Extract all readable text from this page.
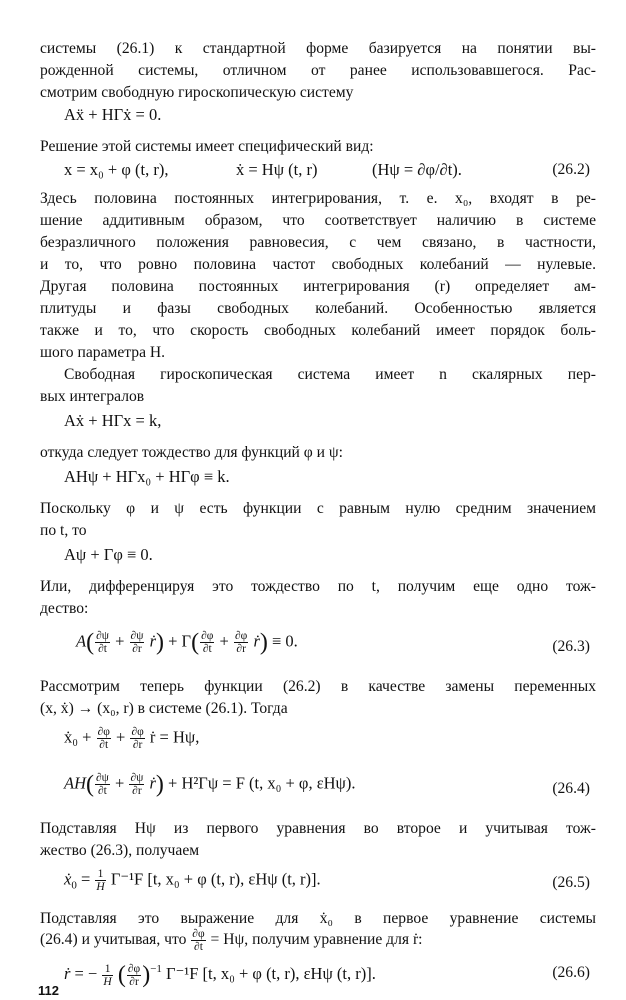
системы (26.1) к стандартной форме базируется на понятии вы-
рожденной системы, отличном от ранее использовавшегося. Рас-
смотрим свободную гироскопическую систему
Aẍ + HΓẋ = 0.
Решение этой системы имеет специфический вид:
x = x₀ + φ (t, r),	ẋ = Hψ (t, r)	(Hψ = ∂φ/∂t).	(26.2)
Здесь половина постоянных интегрирования, т. е. x₀, входят в ре-
шение аддитивным образом, что соответствует наличию в системе
безразличного положения равновесия, с чем связано, в частности,
и то, что ровно половина частот свободных колебаний — нулевые.
Другая половина постоянных интегрирования (r) определяет ам-
плитуды и фазы свободных колебаний. Особенностью является
также и то, что скорость свободных колебаний имеет порядок боль-
шого параметра H.
Свободная гироскопическая система имеет n скалярных пер-
вых интегралов
Aẋ + HΓx = k,
откуда следует тождество для функций φ и ψ:
AHψ + HΓx₀ + HΓφ ≡ k.
Поскольку φ и ψ есть функции с равным нулю средним значением
по t, то
Aψ + Γφ ≡ 0.
Или, дифференцируя это тождество по t, получим еще одно тож-
дество:
$A( \frac{\partial\psi}{\partial t} + \frac{\partial\psi}{\partial r}$ ṙ) + $\Gamma( \frac{\partial\varphi}{\partial t} + \frac{\partial\varphi}{\partial r}$ ṙ) ≡ 0.	(26.3)
Рассмотрим теперь функции (26.2) в качестве замены переменных
(x, ẋ) → (x₀, r) в системе (26.1). Тогда
ẋ₀ + $\frac{\partial\varphi}{\partial t} + \frac{\partial\varphi}{\partial r}$ ṙ = Hψ,
$AH( \frac{\partial\psi}{\partial t} + \frac{\partial\psi}{\partial r}$ ṙ) + H²Γψ = F (t, x₀ + φ, εHψ).	(26.4)
Подставляя Hψ из первого уравнения во второе и учитывая тож-
жество (26.3), получаем
ẋ$_0$ = $\frac{1}{H} \Gamma^{-1}F$ [t, x₀ + φ (t, r), εHψ (t, r)].	(26.5)
Подставляя это выражение для ẋ₀ в первое уравнение системы
(26.4) и учитывая, что $\frac{\partial\varphi}{\partial t} = H\psi$, получим уравнение для ṙ:
ṙ = − $\frac{1}{H}$ ( $\frac{\partial\varphi}{\partial r} )^{-1}$ Γ⁻¹F [t, x₀ + φ (t, r), εHψ (t, r)].	(26.6)
112
